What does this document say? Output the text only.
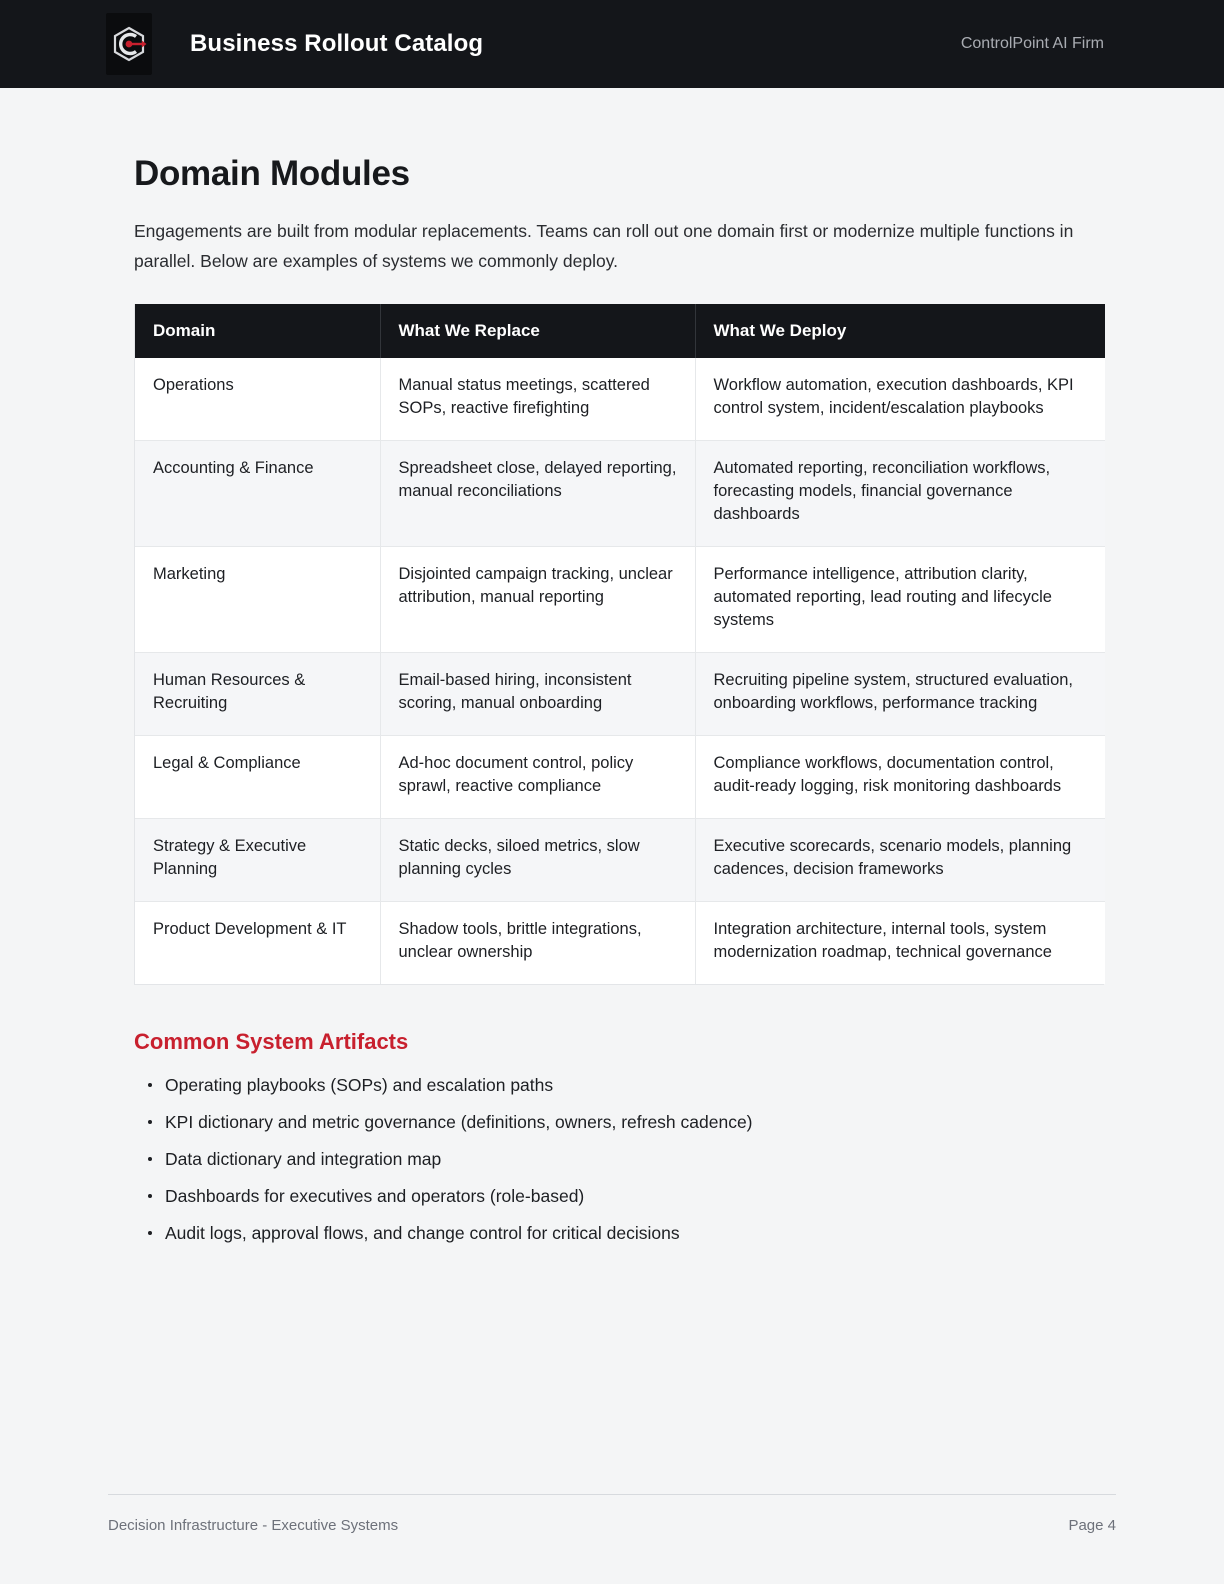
Business Rollout Catalog	ControlPoint AI Firm
Domain Modules

Engagements are built from modular replacements. Teams can roll out one domain first or modernize multiple functions in parallel. Below are examples of systems we commonly deploy.

Domain	What We Replace	What We Deploy
Operations	Manual status meetings, scattered SOPs, reactive firefighting	Workflow automation, execution dashboards, KPI control system, incident/escalation playbooks
Accounting & Finance	Spreadsheet close, delayed reporting, manual reconciliations	Automated reporting, reconciliation workflows, forecasting models, financial governance dashboards
Marketing	Disjointed campaign tracking, unclear attribution, manual reporting	Performance intelligence, attribution clarity, automated reporting, lead routing and lifecycle systems
Human Resources & Recruiting	Email-based hiring, inconsistent scoring, manual onboarding	Recruiting pipeline system, structured evaluation, onboarding workflows, performance tracking
Legal & Compliance	Ad-hoc document control, policy sprawl, reactive compliance	Compliance workflows, documentation control, audit-ready logging, risk monitoring dashboards
Strategy & Executive Planning	Static decks, siloed metrics, slow planning cycles	Executive scorecards, scenario models, planning cadences, decision frameworks
Product Development & IT	Shadow tools, brittle integrations, unclear ownership	Integration architecture, internal tools, system modernization roadmap, technical governance
Common System Artifacts
Operating playbooks (SOPs) and escalation paths
KPI dictionary and metric governance (definitions, owners, refresh cadence)
Data dictionary and integration map
Dashboards for executives and operators (role-based)
Audit logs, approval flows, and change control for critical decisions
Decision Infrastructure - Executive Systems	Page 4
